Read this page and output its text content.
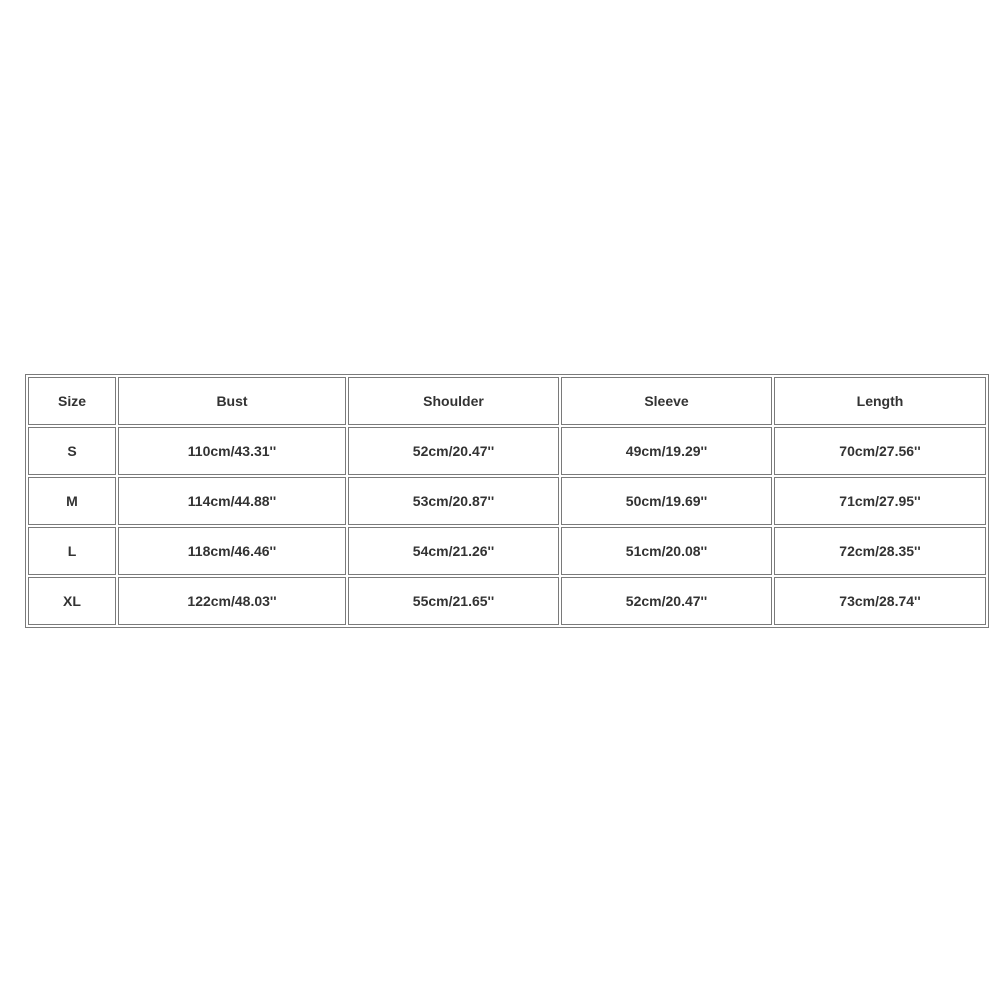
Size	Bust	Shoulder	Sleeve	Length
S	110cm/43.31''	52cm/20.47''	49cm/19.29''	70cm/27.56''
M	114cm/44.88''	53cm/20.87''	50cm/19.69''	71cm/27.95''
L	118cm/46.46''	54cm/21.26''	51cm/20.08''	72cm/28.35''
XL	122cm/48.03''	55cm/21.65''	52cm/20.47''	73cm/28.74''
